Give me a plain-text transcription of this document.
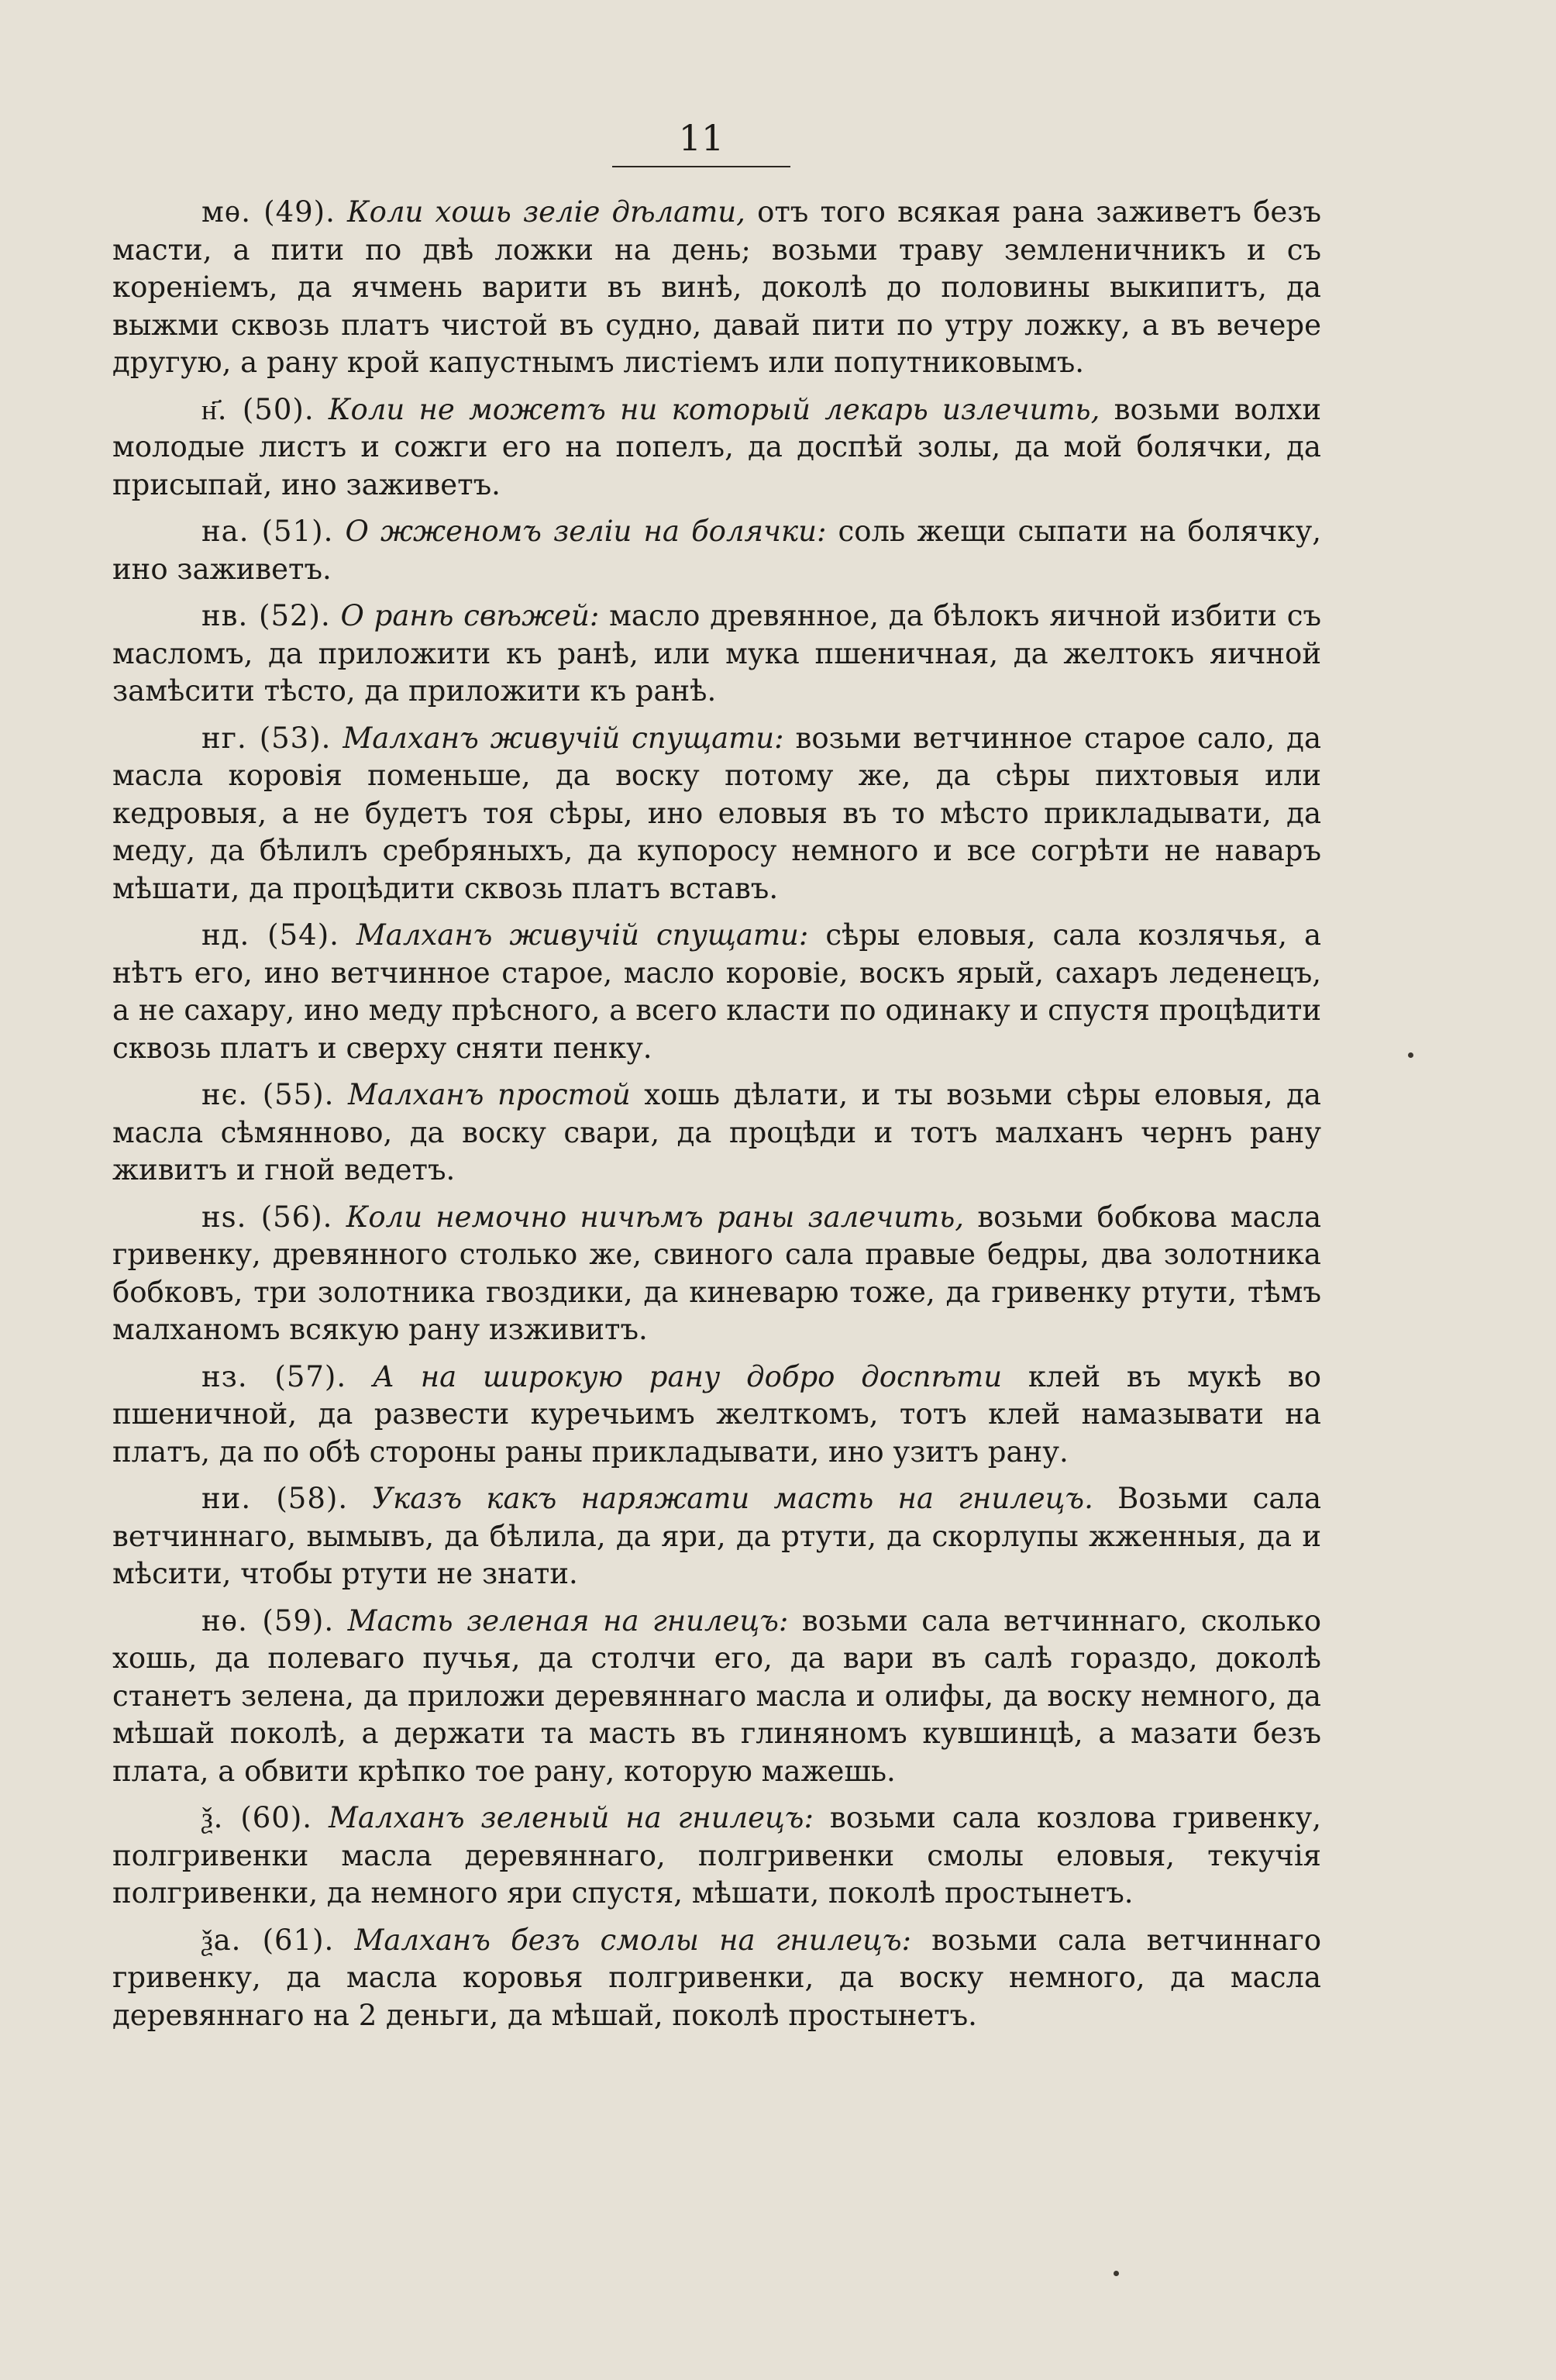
11

мѳ. (49). Коли хошь зеліе дѣлати, отъ того всякая рана заживетъ безъ масти, а пити по двѣ ложки на день; возьми траву земленичникъ и съ кореніемъ, да ячмень варити въ винѣ, доколѣ до половины выкипитъ, да выжми сквозь платъ чистой въ судно, давай пити по утру ложку, а въ вечере другую, а рану крой капустнымъ листіемъ или попутниковымъ.

н҃. (50). Коли не можетъ ни который лекарь излечить, возьми волхи молодые листъ и сожги его на попелъ, да доспѣй золы, да мой болячки, да присыпай, ино заживетъ.

на. (51). О жженомъ зеліи на болячки: соль жещи сыпати на болячку, ино заживетъ.

нв. (52). О ранѣ свѣжей: масло древянное, да бѣлокъ яичной избити съ масломъ, да приложити къ ранѣ, или мука пшеничная, да желтокъ яичной замѣсити тѣсто, да приложити къ ранѣ.

нг. (53). Малханъ живучій спущати: возьми ветчинное старое сало, да масла коровія поменьше, да воску потому же, да сѣры пихтовыя или кедровыя, а не будетъ тоя сѣры, ино еловыя въ то мѣсто прикладывати, да меду, да бѣлилъ сребряныхъ, да купоросу немного и все согрѣти не наваръ мѣшати, да процѣдити сквозь платъ вставъ.

нд. (54). Малханъ живучій спущати: сѣры еловыя, сала козлячья, а нѣтъ его, ино ветчинное старое, масло коровіе, воскъ ярый, сахаръ леденецъ, а не сахару, ино меду прѣсного, а всего класти по одинаку и спустя процѣдити сквозь платъ и сверху сняти пенку.

нє. (55). Малханъ простой хошь дѣлати, и ты возьми сѣры еловыя, да масла сѣмянново, да воску свари, да процѣди и тотъ малханъ чернъ рану живитъ и гной ведетъ.

нѕ. (56). Коли немочно ничѣмъ раны залечить, возьми бобкова масла гривенку, древянного столько же, свиного сала правые бедры, два золотника бобковъ, три золотника гвоздики, да киневарю тоже, да гривенку ртути, тѣмъ малханомъ всякую рану изживитъ.

нз. (57). А на широкую рану добро доспѣти клей въ мукѣ во пшеничной, да развести куречьимъ желткомъ, тотъ клей намазывати на платъ, да по обѣ стороны раны прикладывати, ино узитъ рану.

ни. (58). Указъ какъ наряжати масть на гнилецъ. Возьми сала ветчиннаго, вымывъ, да бѣлила, да яри, да ртути, да скорлупы жженныя, да и мѣсити, чтобы ртути не знати.

нѳ. (59). Масть зеленая на гнилецъ: возьми сала ветчиннаго, сколько хошь, да полеваго пучья, да столчи его, да вари въ салѣ гораздо, доколѣ станетъ зелена, да приложи деревяннаго масла и олифы, да воску немного, да мѣшай поколѣ, а держати та масть въ глиняномъ кувшинцѣ, а мазати безъ плата, а обвити крѣпко тое рану, которую мажешь.

ѯ. (60). Малханъ зеленый на гнилецъ: возьми сала козлова гривенку, полгривенки масла деревяннаго, полгривенки смолы еловыя, текучія полгривенки, да немного яри спустя, мѣшати, поколѣ простынетъ.

ѯа. (61). Малханъ безъ смолы на гнилецъ: возьми сала ветчиннаго гривенку, да масла коровья полгривенки, да воску немного, да масла деревяннаго на 2 деньги, да мѣшай, поколѣ простынетъ.
